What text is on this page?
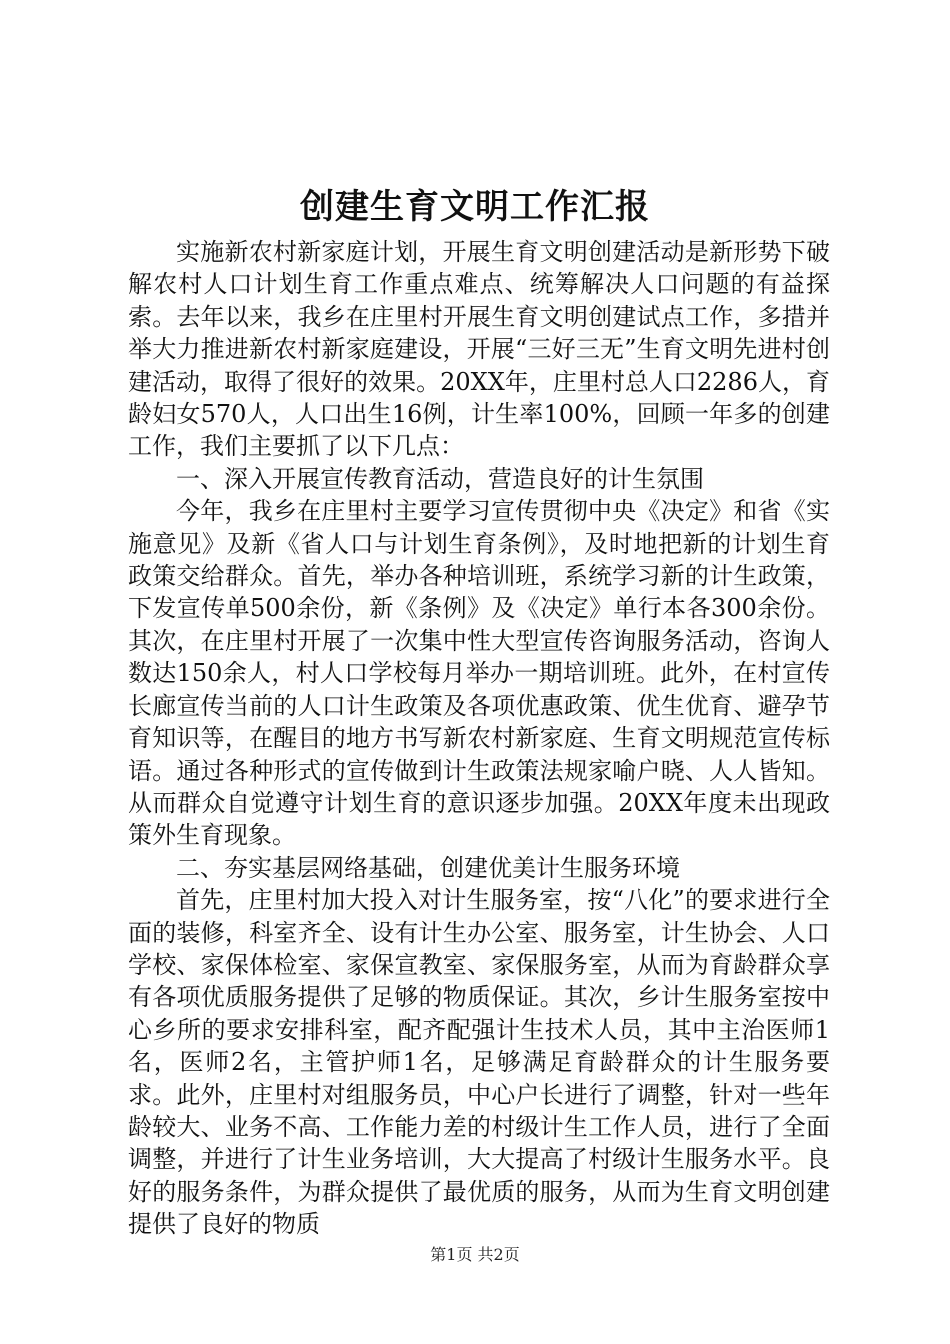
创建生育文明工作汇报

实施新农村新家庭计划，开展生育文明创建活动是新形势下破解农村人口计划生育工作重点难点、统筹解决人口问题的有益探索。去年以来，我乡在庄里村开展生育文明创建试点工作，多措并举大力推进新农村新家庭建设，开展“三好三无”生育文明先进村创建活动，取得了很好的效果。20XX年，庄里村总人口2286人，育龄妇女570人，人口出生16例，计生率100%，回顾一年多的创建工作，我们主要抓了以下几点：

一、深入开展宣传教育活动，营造良好的计生氛围

今年，我乡在庄里村主要学习宣传贯彻中央《决定》和省《实施意见》及新《省人口与计划生育条例》，及时地把新的计划生育政策交给群众。首先，举办各种培训班，系统学习新的计生政策，下发宣传单500余份，新《条例》及《决定》单行本各300余份。其次，在庄里村开展了一次集中性大型宣传咨询服务活动，咨询人数达150余人，村人口学校每月举办一期培训班。此外，在村宣传长廊宣传当前的人口计生政策及各项优惠政策、优生优育、避孕节育知识等，在醒目的地方书写新农村新家庭、生育文明规范宣传标语。通过各种形式的宣传做到计生政策法规家喻户晓、人人皆知。从而群众自觉遵守计划生育的意识逐步加强。20XX年度未出现政策外生育现象。

二、夯实基层网络基础，创建优美计生服务环境

首先，庄里村加大投入对计生服务室，按“八化”的要求进行全面的装修，科室齐全、设有计生办公室、服务室，计生协会、人口学校、家保体检室、家保宣教室、家保服务室，从而为育龄群众享有各项优质服务提供了足够的物质保证。其次，乡计生服务室按中心乡所的要求安排科室，配齐配强计生技术人员，其中主治医师1名，医师2名，主管护师1名，足够满足育龄群众的计生服务要求。此外，庄里村对组服务员，中心户长进行了调整，针对一些年龄较大、业务不高、工作能力差的村级计生工作人员，进行了全面调整，并进行了计生业务培训，大大提高了村级计生服务水平。良好的服务条件，为群众提供了最优质的服务，从而为生育文明创建提供了良好的物质

第1页 共2页
